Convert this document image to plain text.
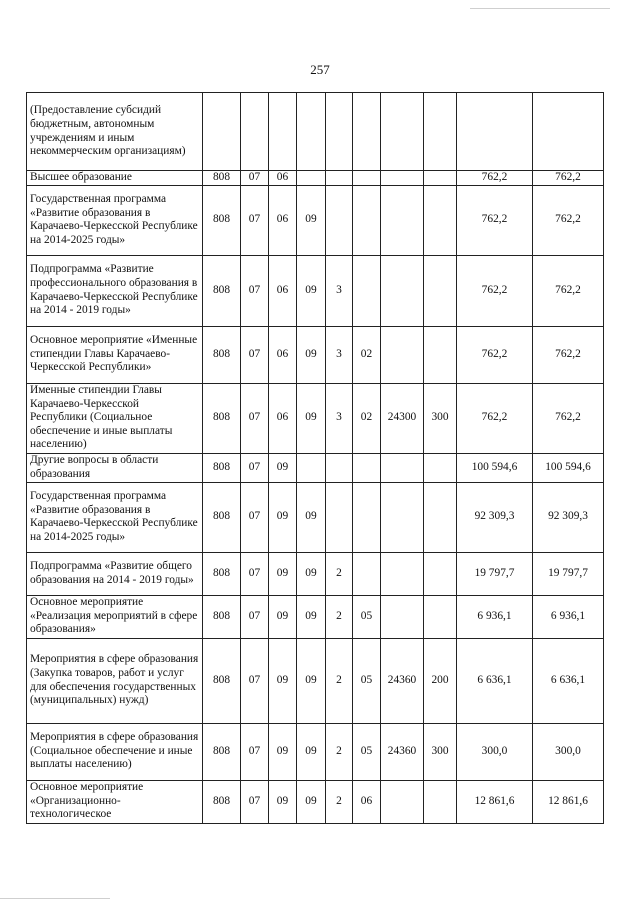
257
(Предоставление субсидий бюджетным, автономным учреждениям и иным некоммерческим организациям)										
Высшее образование	808	07	06						762,2	762,2
Государственная программа «Развитие образования в Карачаево-Черкесской Республике на 2014-2025 годы»	808	07	06	09					762,2	762,2
Подпрограмма «Развитие профессионального образования в Карачаево-Черкесской Республике на 2014 - 2019 годы»	808	07	06	09	3				762,2	762,2
Основное мероприятие «Именные стипендии Главы Карачаево-Черкесской Республики»	808	07	06	09	3	02			762,2	762,2
Именные стипендии Главы Карачаево-Черкесской Республики (Социальное обеспечение и иные выплаты населению)	808	07	06	09	3	02	24300	300	762,2	762,2
Другие вопросы в области образования	808	07	09						100 594,6	100 594,6
Государственная программа «Развитие образования в Карачаево-Черкесской Республике на 2014-2025 годы»	808	07	09	09					92 309,3	92 309,3
Подпрограмма «Развитие общего образования на 2014 - 2019 годы»	808	07	09	09	2				19 797,7	19 797,7
Основное мероприятие «Реализация мероприятий в сфере образования»	808	07	09	09	2	05			6 936,1	6 936,1
Мероприятия в сфере образования (Закупка товаров, работ и услуг для обеспечения государственных (муниципальных) нужд)	808	07	09	09	2	05	24360	200	6 636,1	6 636,1
Мероприятия в сфере образования (Социальное обеспечение и иные выплаты населению)	808	07	09	09	2	05	24360	300	300,0	300,0
Основное мероприятие «Организационно-технологическое	808	07	09	09	2	06			12 861,6	12 861,6
